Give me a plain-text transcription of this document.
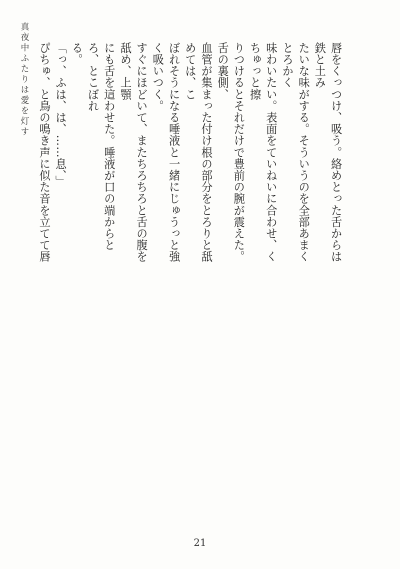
真夜中ふたりは愛を灯す

	唇をくっつけ、吸う。絡めとった舌からは鉄と土み
たいな味がする。そういうのを全部あまくとろかく
味わいたい。表面をていねいに合わせ、くちゅっと擦
りつけるとそれだけで豊前の腕が震えた。舌の裏側、
血管が集まった付け根の部分をとろりと舐めては、こ
ぼれそうになる唾液と一緒にじゅうっと強く吸いつく。
すぐにほどいて、またちろちろと舌の腹を舐め、上顎
にも舌を這わせた。唾液が口の端からとろ、とこぼれ
る。
「っ、ふは、は、……息、」
ぴちゅ、と鳥の鳴き声に似た音を立てて唇

21
